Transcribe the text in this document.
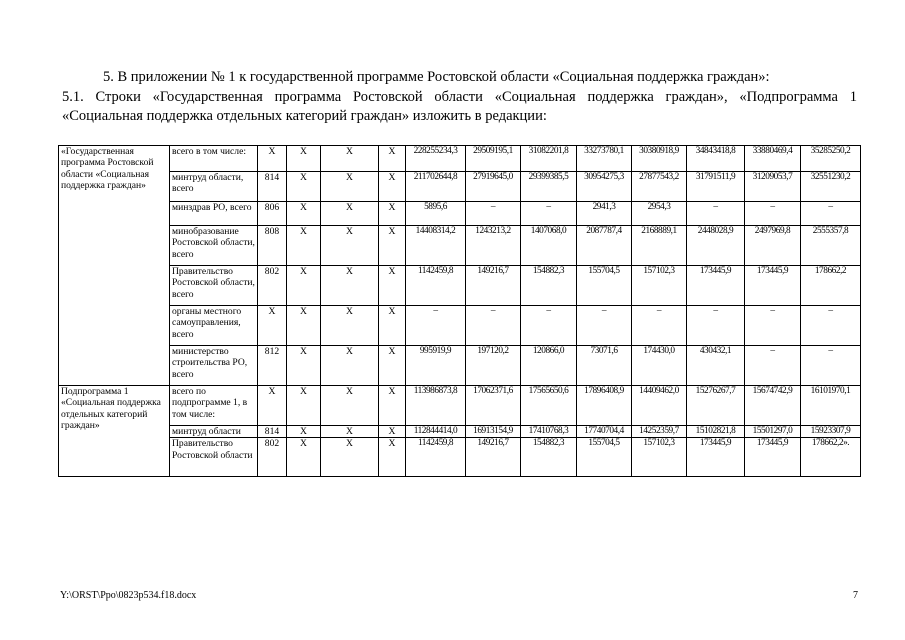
5. В приложении № 1 к государственной программе Ростовской области «Социальная поддержка граждан»:
5.1. Строки «Государственная программа Ростовской области «Социальная поддержка граждан», «Подпрограмма 1 «Социальная поддержка отдельных категорий граждан» изложить в редакции:
«Государственная программа Ростовской области «Социальная поддержка граждан»	всего в том числе:	X	X	X	X	228255234,3	29509195,1	31082201,8	33273780,1	30380918,9	34843418,8	33880469,4	35285250,2
	минтруд области, всего	814	X	X	X	211702644,8	27919645,0	29399385,5	30954275,3	27877543,2	31791511,9	31209053,7	32551230,2
	минздрав РО, всего	806	X	X	X	5895,6	–	–	2941,3	2954,3	–	–	–
	минобразование Ростовской области, всего	808	X	X	X	14408314,2	1243213,2	1407068,0	2087787,4	2168889,1	2448028,9	2497969,8	2555357,8
	Правительство Ростовской области, всего	802	X	X	X	1142459,8	149216,7	154882,3	155704,5	157102,3	173445,9	173445,9	178662,2
	органы местного самоуправления, всего	X	X	X	X	–	–	–	–	–	–	–	–
	министерство строительства РО, всего	812	X	X	X	995919,9	197120,2	120866,0	73071,6	174430,0	430432,1	–	–
Подпрограмма 1 «Социальная поддержка отдельных категорий граждан»	всего по подпрограмме 1, в том числе:	X	X	X	X	113986873,8	17062371,6	17565650,6	17896408,9	14409462,0	15276267,7	15674742,9	16101970,1
	минтруд области	814	X	X	X	112844414,0	16913154,9	17410768,3	17740704,4	14252359,7	15102821,8	15501297,0	15923307,9
	Правительство Ростовской области	802	X	X	X	1142459,8	149216,7	154882,3	155704,5	157102,3	173445,9	173445,9	178662,2».
Y:\ORST\Ppo\0823p534.f18.docx	7
